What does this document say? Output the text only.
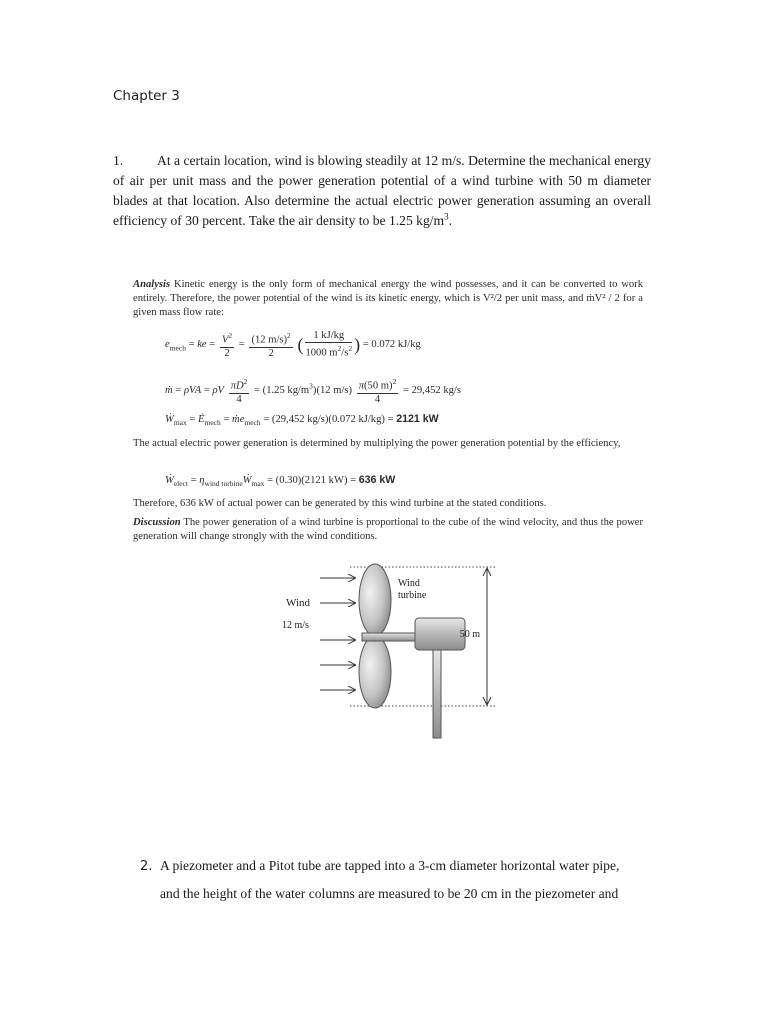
Chapter 3
1. At a certain location, wind is blowing steadily at 12 m/s. Determine the mechanical energy of air per unit mass and the power generation potential of a wind turbine with 50 m diameter blades at that location. Also determine the actual electric power generation assuming an overall efficiency of 30 percent. Take the air density to be 1.25 $kg/m^3$.

Analysis Kinetic energy is the only form of mechanical energy the wind possesses, and it can be converted to work entirely. Therefore, the power potential of the wind is its kinetic energy, which is V²/2 per unit mass, and ṁV² / 2 for a given mass flow rate:

$e_{mech}$ = ke = $\frac{V^2}{2} = \frac{(12 m/s)^2}{2}$ ( $\frac{1 kJ/kg}{1000 m^2/s^2}$ ) = 0.072 kJ/kg
ṁ = ρVA = ρV $\frac{\pi D^2}{4} = (1.25$ $kg/m^3)(12$ $m/s) \frac{\pi(50 m)^2}{4} = 29,452$ kg/s
Ẇ$_{max}$ = $Ė_{mech}$ = ṁe$_{mech}$ = (29,452 kg/s)(0.072 kJ/kg) = 2121 kW

The actual electric power generation is determined by multiplying the power generation potential by the efficiency,

Ẇ$_{elect}$ = $\eta_{wind turbine}Ẇ_{max} = (0.30)(2121$ kW) = 636 kW

Therefore, 636 kW of actual power can be generated by this wind turbine at the stated conditions.

Discussion The power generation of a wind turbine is proportional to the cube of the wind velocity, and thus the power generation will change strongly with the wind conditions.

Wind
12 m/s
Wind
turbine
50 m
2. A piezometer and a Pitot tube are tapped into a 3-cm diameter horizontal water pipe,
and the height of the water columns are measured to be 20 cm in the piezometer and
